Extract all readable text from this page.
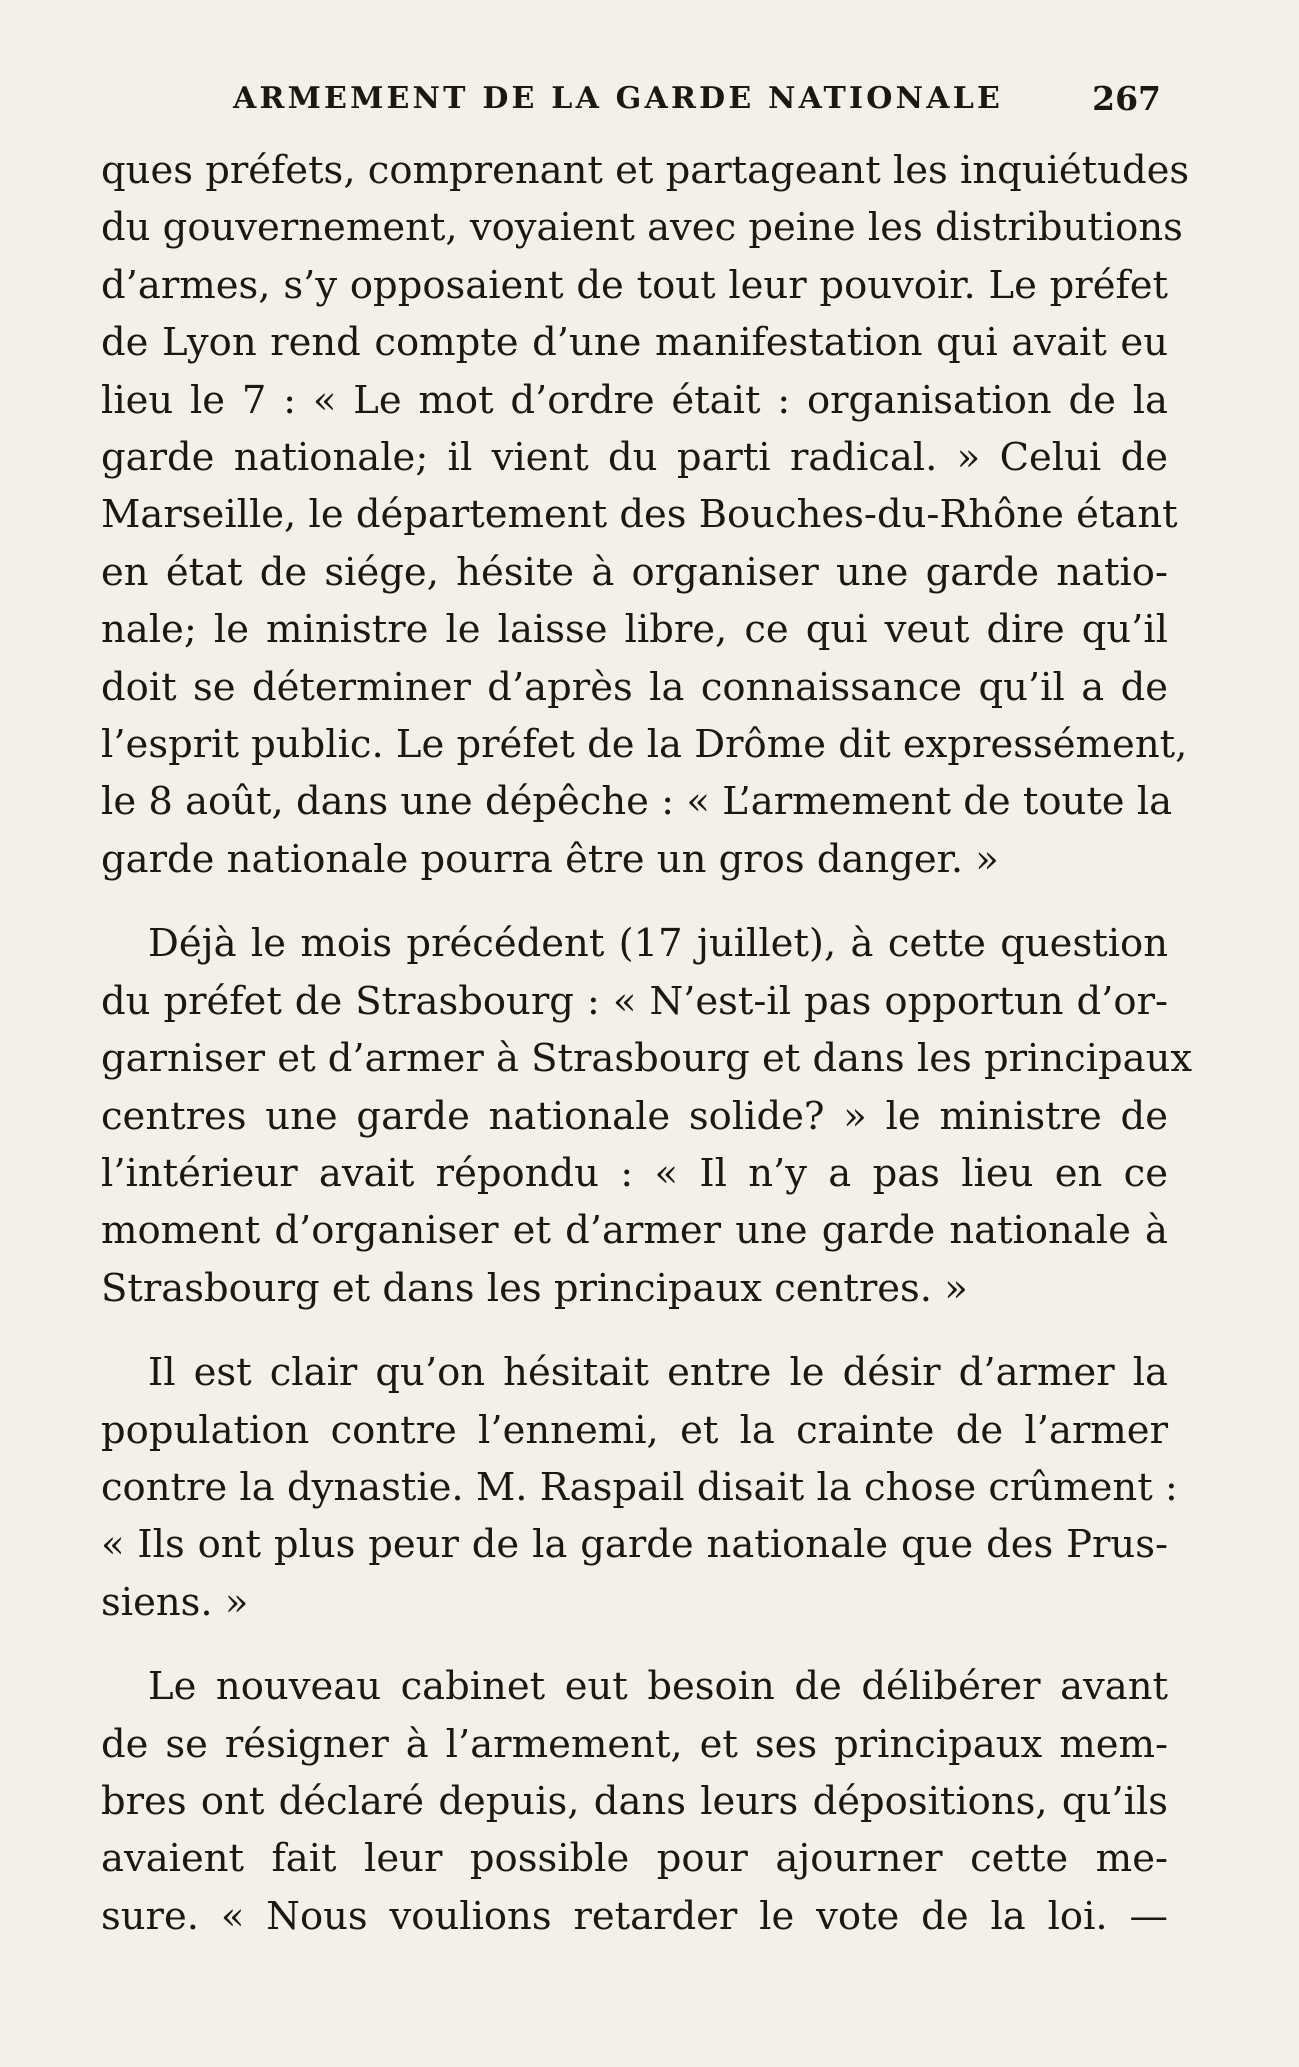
ARMEMENT DE LA GARDE NATIONALE	267

ques préfets, comprenant et partageant les inquiétudes
du gouvernement, voyaient avec peine les distributions
d’armes, s’y opposaient de tout leur pouvoir. Le préfet
de Lyon rend compte d’une manifestation qui avait eu
lieu le 7 : « Le mot d’ordre était : organisation de la
garde nationale; il vient du parti radical. » Celui de
Marseille, le département des Bouches-du-Rhône étant
en état de siége, hésite à organiser une garde natio-
nale; le ministre le laisse libre, ce qui veut dire qu’il
doit se déterminer d’après la connaissance qu’il a de
l’esprit public. Le préfet de la Drôme dit expressément,
le 8 août, dans une dépêche : « L’armement de toute la
garde nationale pourra être un gros danger. »

Déjà le mois précédent (17 juillet), à cette question
du préfet de Strasbourg : « N’est-il pas opportun d’or-
garniser et d’armer à Strasbourg et dans les principaux
centres une garde nationale solide? » le ministre de
l’intérieur avait répondu : « Il n’y a pas lieu en ce
moment d’organiser et d’armer une garde nationale à
Strasbourg et dans les principaux centres. »

Il est clair qu’on hésitait entre le désir d’armer la
population contre l’ennemi, et la crainte de l’armer
contre la dynastie. M. Raspail disait la chose crûment :
« Ils ont plus peur de la garde nationale que des Prus-
siens. »

Le nouveau cabinet eut besoin de délibérer avant
de se résigner à l’armement, et ses principaux mem-
bres ont déclaré depuis, dans leurs dépositions, qu’ils
avaient fait leur possible pour ajourner cette me-
sure. « Nous voulions retarder le vote de la loi. —
